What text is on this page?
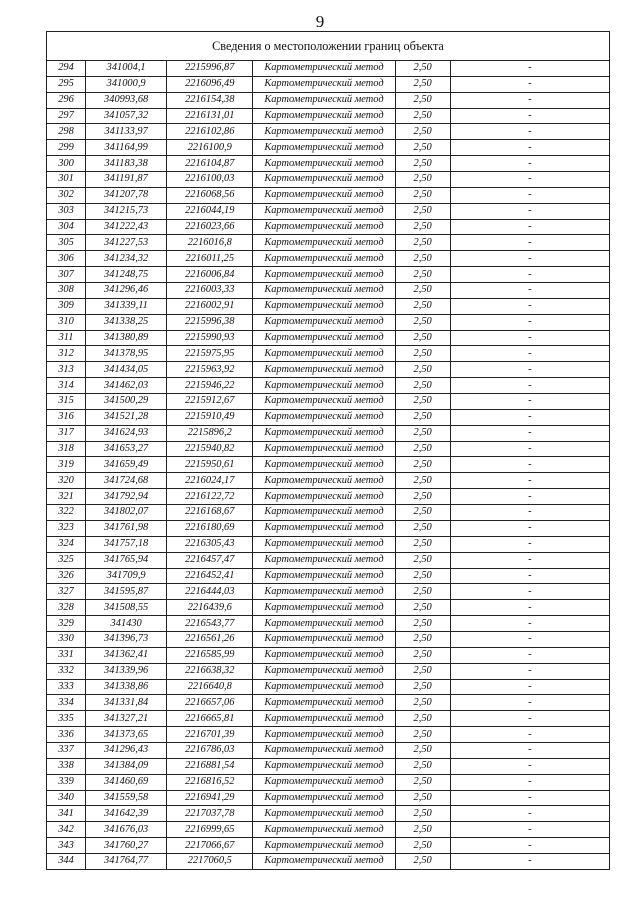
9
Сведения о местоположении границ объекта					
294	341004,1	2215996,87	Картометрический метод	2,50	-
295	341000,9	2216096,49	Картометрический метод	2,50	-
296	340993,68	2216154,38	Картометрический метод	2,50	-
297	341057,32	2216131,01	Картометрический метод	2,50	-
298	341133,97	2216102,86	Картометрический метод	2,50	-
299	341164,99	2216100,9	Картометрический метод	2,50	-
300	341183,38	2216104,87	Картометрический метод	2,50	-
301	341191,87	2216100,03	Картометрический метод	2,50	-
302	341207,78	2216068,56	Картометрический метод	2,50	-
303	341215,73	2216044,19	Картометрический метод	2,50	-
304	341222,43	2216023,66	Картометрический метод	2,50	-
305	341227,53	2216016,8	Картометрический метод	2,50	-
306	341234,32	2216011,25	Картометрический метод	2,50	-
307	341248,75	2216006,84	Картометрический метод	2,50	-
308	341296,46	2216003,33	Картометрический метод	2,50	-
309	341339,11	2216002,91	Картометрический метод	2,50	-
310	341338,25	2215996,38	Картометрический метод	2,50	-
311	341380,89	2215990,93	Картометрический метод	2,50	-
312	341378,95	2215975,95	Картометрический метод	2,50	-
313	341434,05	2215963,92	Картометрический метод	2,50	-
314	341462,03	2215946,22	Картометрический метод	2,50	-
315	341500,29	2215912,67	Картометрический метод	2,50	-
316	341521,28	2215910,49	Картометрический метод	2,50	-
317	341624,93	2215896,2	Картометрический метод	2,50	-
318	341653,27	2215940,82	Картометрический метод	2,50	-
319	341659,49	2215950,61	Картометрический метод	2,50	-
320	341724,68	2216024,17	Картометрический метод	2,50	-
321	341792,94	2216122,72	Картометрический метод	2,50	-
322	341802,07	2216168,67	Картометрический метод	2,50	-
323	341761,98	2216180,69	Картометрический метод	2,50	-
324	341757,18	2216305,43	Картометрический метод	2,50	-
325	341765,94	2216457,47	Картометрический метод	2,50	-
326	341709,9	2216452,41	Картометрический метод	2,50	-
327	341595,87	2216444,03	Картометрический метод	2,50	-
328	341508,55	2216439,6	Картометрический метод	2,50	-
329	341430	2216543,77	Картометрический метод	2,50	-
330	341396,73	2216561,26	Картометрический метод	2,50	-
331	341362,41	2216585,99	Картометрический метод	2,50	-
332	341339,96	2216638,32	Картометрический метод	2,50	-
333	341338,86	2216640,8	Картометрический метод	2,50	-
334	341331,84	2216657,06	Картометрический метод	2,50	-
335	341327,21	2216665,81	Картометрический метод	2,50	-
336	341373,65	2216701,39	Картометрический метод	2,50	-
337	341296,43	2216786,03	Картометрический метод	2,50	-
338	341384,09	2216881,54	Картометрический метод	2,50	-
339	341460,69	2216816,52	Картометрический метод	2,50	-
340	341559,58	2216941,29	Картометрический метод	2,50	-
341	341642,39	2217037,78	Картометрический метод	2,50	-
342	341676,03	2216999,65	Картометрический метод	2,50	-
343	341760,27	2217066,67	Картометрический метод	2,50	-
344	341764,77	2217060,5	Картометрический метод	2,50	-
